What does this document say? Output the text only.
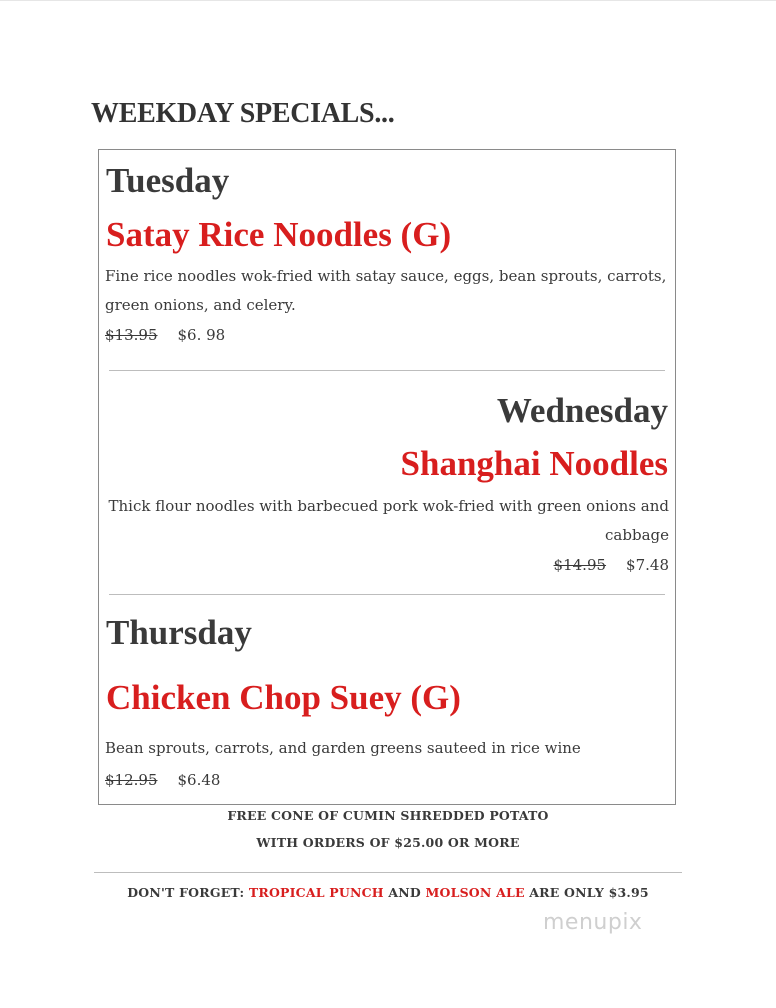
WEEKDAY SPECIALS...
Tuesday
Satay Rice Noodles (G)
Fine rice noodles wok-fried with satay sauce, eggs, bean sprouts, carrots, green onions, and celery.
$13.95 $6. 98
Wednesday
Shanghai Noodles
Thick flour noodles with barbecued pork wok-fried with green onions and
cabbage
$14.95 $7.48
Thursday
Chicken Chop Suey (G)
Bean sprouts, carrots, and garden greens sauteed in rice wine
$12.95 $6.48
FREE CONE OF CUMIN SHREDDED POTATO
WITH ORDERS OF $25.00 OR MORE
DON'T FORGET: TROPICAL PUNCH AND MOLSON ALE ARE ONLY $3.95
menupix
